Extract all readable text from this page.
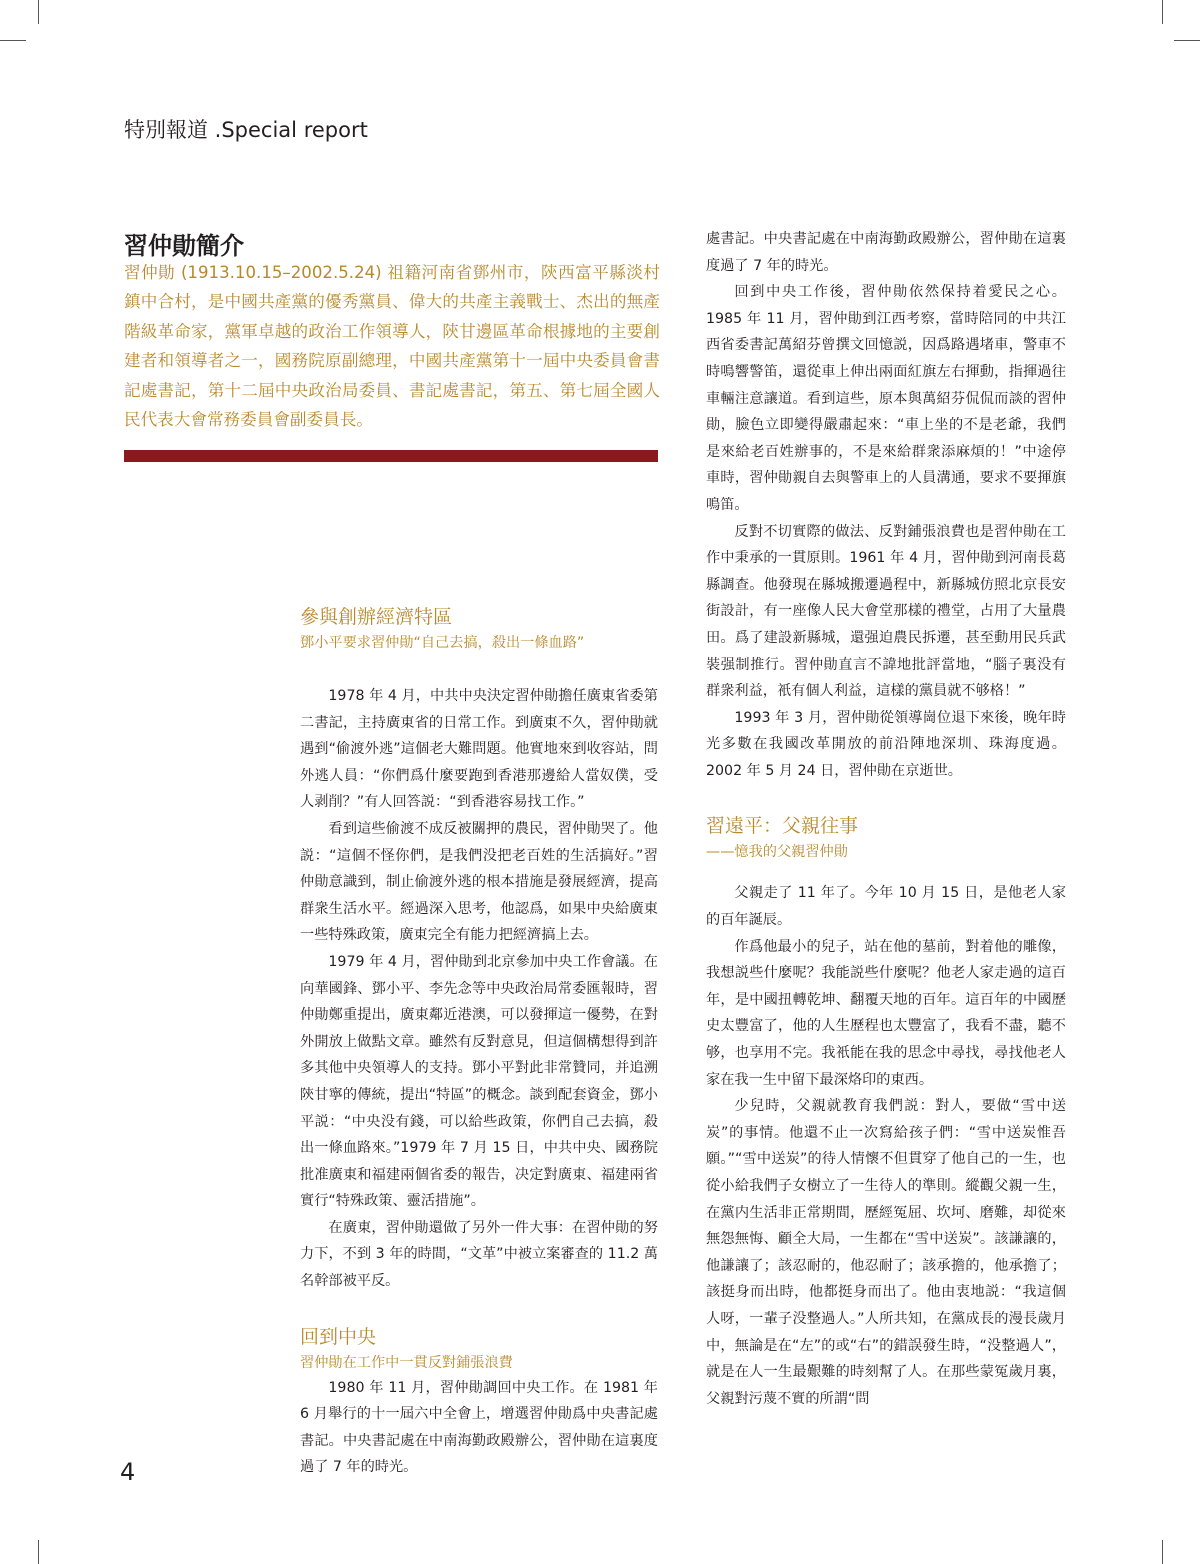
特別報道 .Special report
習仲勛簡介

習仲勛 (1913.10.15–2002.5.24) 祖籍河南省鄧州市，陝西富平縣淡村鎮中合村，是中國共產黨的優秀黨員、偉大的共產主義戰士、杰出的無產階級革命家，黨軍卓越的政治工作領導人，陝甘邊區革命根據地的主要創建者和領導者之一，國務院原副總理，中國共產黨第十一屆中央委員會書記處書記，第十二屆中央政治局委員、書記處書記，第五、第七屆全國人民代表大會常務委員會副委員長。

參與創辦經濟特區
鄧小平要求習仲勛“自己去搞，殺出一條血路”

1978 年 4 月，中共中央決定習仲勛擔任廣東省委第二書記，主持廣東省的日常工作。到廣東不久，習仲勛就遇到“偷渡外逃”這個老大難問題。他實地來到收容站，問外逃人員：“你們爲什麼要跑到香港那邊給人當奴僕，受人剥削？”有人回答説：“到香港容易找工作。”

看到這些偷渡不成反被關押的農民，習仲勛哭了。他説：“這個不怪你們，是我們没把老百姓的生活搞好。”習仲勛意識到，制止偷渡外逃的根本措施是發展經濟，提高群衆生活水平。經過深入思考，他認爲，如果中央給廣東一些特殊政策，廣東完全有能力把經濟搞上去。

1979 年 4 月，習仲勛到北京參加中央工作會議。在向華國鋒、鄧小平、李先念等中央政治局常委匯報時，習仲勛鄭重提出，廣東鄰近港澳，可以發揮這一優勢，在對外開放上做點文章。雖然有反對意見，但這個構想得到許多其他中央領導人的支持。鄧小平對此非常贊同，并追溯陝甘寧的傳統，提出“特區”的概念。談到配套資金，鄧小平説：“中央没有錢，可以給些政策，你們自己去搞，殺出一條血路來。”1979 年 7 月 15 日，中共中央、國務院批准廣東和福建兩個省委的報告，决定對廣東、福建兩省實行“特殊政策、靈活措施”。

在廣東，習仲勛還做了另外一件大事：在習仲勛的努力下，不到 3 年的時間，“文革”中被立案審查的 11.2 萬名幹部被平反。

回到中央
習仲勛在工作中一貫反對鋪張浪費

1980 年 11 月，習仲勛調回中央工作。在 1981 年 6 月舉行的十一屆六中全會上，增選習仲勛爲中央書記處書記。中央書記處在中南海勤政殿辦公，習仲勛在這裏度過了 7 年的時光。

處書記。中央書記處在中南海勤政殿辦公，習仲勛在這裏度過了 7 年的時光。

回到中央工作後，習仲勛依然保持着愛民之心。1985 年 11 月，習仲勛到江西考察，當時陪同的中共江西省委書記萬紹芬曾撰文回憶説，因爲路遇堵車，警車不時鳴響警笛，還從車上伸出兩面紅旗左右揮動，指揮過往車輛注意讓道。看到這些，原本與萬紹芬侃侃而談的習仲勛，臉色立即變得嚴肅起來：“車上坐的不是老爺，我們是來給老百姓辦事的，不是來給群衆添麻煩的！”中途停車時，習仲勛親自去與警車上的人員溝通，要求不要揮旗鳴笛。

反對不切實際的做法、反對鋪張浪費也是習仲勛在工作中秉承的一貫原則。1961 年 4 月，習仲勛到河南長葛縣調查。他發現在縣城搬遷過程中，新縣城仿照北京長安街設計，有一座像人民大會堂那樣的禮堂，占用了大量農田。爲了建設新縣城，還强迫農民拆遷，甚至動用民兵武裝强制推行。習仲勛直言不諱地批評當地，“腦子裏没有群衆利益，衹有個人利益，這樣的黨員就不够格！”

1993 年 3 月，習仲勛從領導崗位退下來後，晚年時光多數在我國改革開放的前沿陣地深圳、珠海度過。2002 年 5 月 24 日，習仲勛在京逝世。

習遠平：父親往事
——憶我的父親習仲勛

父親走了 11 年了。今年 10 月 15 日，是他老人家的百年誕辰。

作爲他最小的兒子，站在他的墓前，對着他的雕像，我想説些什麼呢？我能説些什麼呢？他老人家走過的這百年，是中國扭轉乾坤、翻覆天地的百年。這百年的中國歷史太豐富了，他的人生歷程也太豐富了，我看不盡，聽不够，也享用不完。我衹能在我的思念中尋找，尋找他老人家在我一生中留下最深烙印的東西。

少兒時，父親就教育我們説：對人，要做“雪中送炭”的事情。他還不止一次寫給孩子們：“雪中送炭惟吾願。”“雪中送炭”的待人情懷不但貫穿了他自己的一生，也從小給我們子女樹立了一生待人的準則。縱觀父親一生，在黨内生活非正常期間，歷經冤屈、坎坷、磨難，却從來無怨無悔、顧全大局，一生都在“雪中送炭”。該謙讓的，他謙讓了；該忍耐的，他忍耐了；該承擔的，他承擔了；該挺身而出時，他都挺身而出了。他由衷地説：“我這個人呀，一輩子没整過人。”人所共知，在黨成長的漫長歲月中，無論是在“左”的或“右”的錯誤發生時，“没整過人”，就是在人一生最艱難的時刻幫了人。在那些蒙冤歲月裏，父親對污蔑不實的所謂“問

4
